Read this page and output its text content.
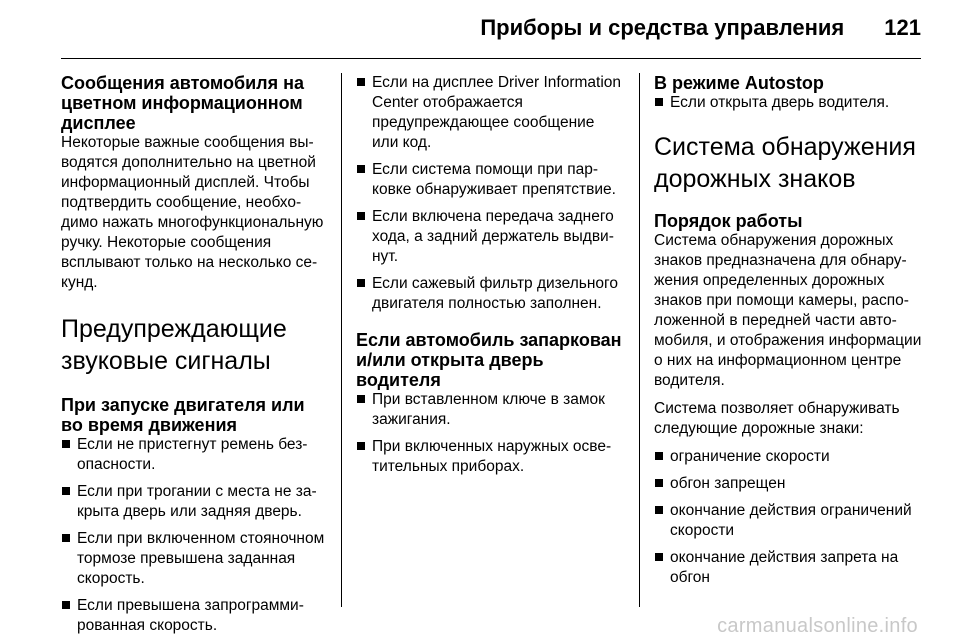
Приборы и средства управления 121
Сообщения автомобиля на цветном информационном дисплее

Некоторые важные сообщения выводятся дополнительно на цветной информационный дисплей. Чтобы подтвердить сообщение, необходимо нажать многофункциональную ручку. Некоторые сообщения всплывают только на несколько секунд.

Предупреждающие звуковые сигналы
При запуске двигателя или во время движения
Если не пристегнут ремень безопасности.
Если при трогании с места не закрыта дверь или задняя дверь.
Если при включенном стояночном тормозе превышена заданная скорость.
Если превышена запрограммированная скорость.
Если на дисплее Driver Information Center отображается предупреждающее сообщение или код.
Если система помощи при парковке обнаруживает препятствие.
Если включена передача заднего хода, а задний держатель выдвинут.
Если сажевый фильтр дизельного двигателя полностью заполнен.
Если автомобиль запаркован и/или открыта дверь водителя
При вставленном ключе в замок зажигания.
При включенных наружных осветительных приборах.
В режиме Autostop
Если открыта дверь водителя.
Система обнаружения дорожных знаков
Порядок работы

Система обнаружения дорожных знаков предназначена для обнаружения определенных дорожных знаков при помощи камеры, расположенной в передней части автомобиля, и отображения информации о них на информационном центре водителя.

Система позволяет обнаруживать следующие дорожные знаки:

ограничение скорости
обгон запрещен
окончание действия ограничений скорости
окончание действия запрета на обгон
carmanualsonline.info
